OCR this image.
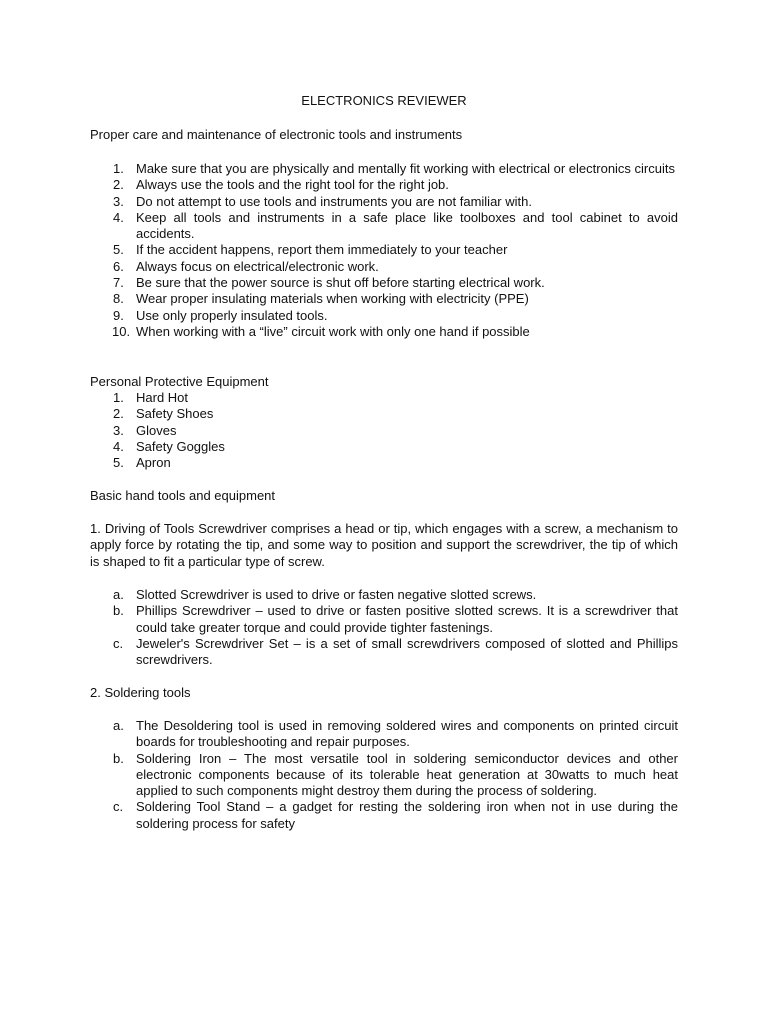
ELECTRONICS REVIEWER
Proper care and maintenance of electronic tools and instruments
1. Make sure that you are physically and mentally fit working with electrical or electronics circuits
2. Always use the tools and the right tool for the right job.
3. Do not attempt to use tools and instruments you are not familiar with.
4. Keep all tools and instruments in a safe place like toolboxes and tool cabinet to avoid accidents.
5. If the accident happens, report them immediately to your teacher
6. Always focus on electrical/electronic work.
7. Be sure that the power source is shut off before starting electrical work.
8. Wear proper insulating materials when working with electricity (PPE)
9. Use only properly insulated tools.
10. When working with a “live” circuit work with only one hand if possible
Personal Protective Equipment
1. Hard Hot
2. Safety Shoes
3. Gloves
4. Safety Goggles
5. Apron
Basic hand tools and equipment
1. Driving of Tools Screwdriver comprises a head or tip, which engages with a screw, a mechanism to apply force by rotating the tip, and some way to position and support the screwdriver, the tip of which is shaped to fit a particular type of screw.
a. Slotted Screwdriver is used to drive or fasten negative slotted screws.
b. Phillips Screwdriver – used to drive or fasten positive slotted screws. It is a screwdriver that could take greater torque and could provide tighter fastenings.
c. Jeweler's Screwdriver Set – is a set of small screwdrivers composed of slotted and Phillips screwdrivers.
2. Soldering tools
a. The Desoldering tool is used in removing soldered wires and components on printed circuit boards for troubleshooting and repair purposes.
b. Soldering Iron – The most versatile tool in soldering semiconductor devices and other electronic components because of its tolerable heat generation at 30watts to much heat applied to such components might destroy them during the process of soldering.
c. Soldering Tool Stand – a gadget for resting the soldering iron when not in use during the soldering process for safety
